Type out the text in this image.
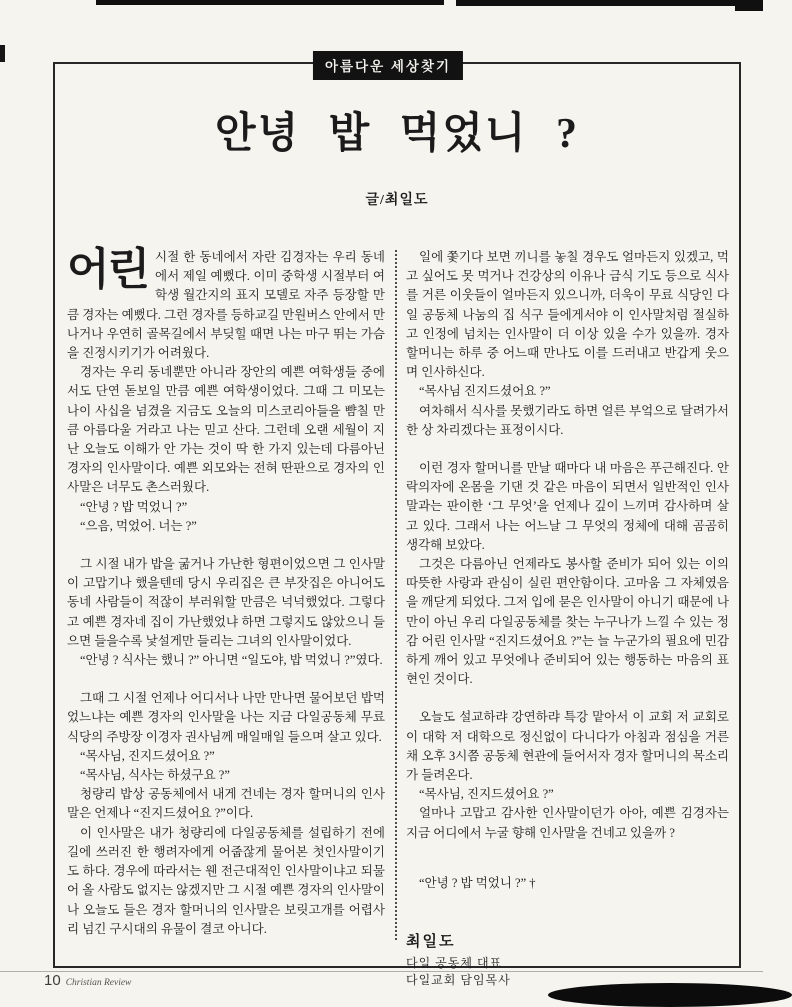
아름다운 세상찾기
안녕 밥 먹었니 ?
글/최일도

어린 시절 한 동네에서 자란 김경자는 우리 동네에서 제일 예뻤다. 이미 중학생 시절부터 여학생 월간지의 표지 모델로 자주 등장할 만큼 경자는 예뻤다. 그런 경자를 등하교길 만원버스 안에서 만나거나 우연히 골목길에서 부딪힐 때면 나는 마구 뛰는 가슴을 진정시키기가 어려웠다.

경자는 우리 동네뿐만 아니라 장안의 예쁜 여학생들 중에서도 단연 돋보일 만큼 예쁜 여학생이었다. 그때 그 미모는 나이 사십을 넘겼을 지금도 오늘의 미스코리아들을 뺨칠 만큼 아름다울 거라고 나는 믿고 산다. 그런데 오랜 세월이 지난 오늘도 이해가 안 가는 것이 딱 한 가지 있는데 다름아닌 경자의 인사말이다. 예쁜 외모와는 전혀 딴판으로 경자의 인사말은 너무도 촌스러웠다.

“안녕 ? 밥 먹었니 ?”

“으음, 먹었어. 너는 ?”

그 시절 내가 밥을 굶거나 가난한 형편이었으면 그 인사말이 고맙기나 했을텐데 당시 우리집은 큰 부잣집은 아니어도 동네 사람들이 적잖이 부러워할 만큼은 넉넉했었다. 그렇다고 예쁜 경자네 집이 가난했었냐 하면 그렇지도 않았으니 들으면 들을수록 낯설게만 들리는 그녀의 인사말이었다.

“안녕 ? 식사는 했니 ?” 아니면 “일도야, 밥 먹었니 ?”였다.

그때 그 시절 언제나 어디서나 나만 만나면 물어보던 밥먹었느냐는 예쁜 경자의 인사말을 나는 지금 다일공동체 무료식당의 주방장 이경자 권사님께 매일매일 들으며 살고 있다.

“목사님, 진지드셨어요 ?”

“목사님, 식사는 하셨구요 ?”

청량리 밥상 공동체에서 내게 건네는 경자 할머니의 인사말은 언제나 “진지드셨어요 ?”이다.

이 인사말은 내가 청량리에 다일공동체를 설립하기 전에 길에 쓰러진 한 행려자에게 어줍잖게 물어본 첫인사말이기도 하다. 경우에 따라서는 웬 전근대적인 인사말이냐고 되물어 올 사람도 없지는 않겠지만 그 시절 예쁜 경자의 인사말이나 오늘도 들은 경자 할머니의 인사말은 보릿고개를 어렵사리 넘긴 구시대의 유물이 결코 아니다.

일에 쫓기다 보면 끼니를 놓칠 경우도 얼마든지 있겠고, 먹고 싶어도 못 먹거나 건강상의 이유나 금식 기도 등으로 식사를 거른 이웃들이 얼마든지 있으니까, 더욱이 무료 식당인 다일 공동체 나눔의 집 식구 들에게서야 이 인사말처럼 절실하고 인정에 넘치는 인사말이 더 이상 있을 수가 있을까. 경자 할머니는 하루 중 어느때 만나도 이를 드러내고 반갑게 웃으며 인사하신다.

“목사님 진지드셨어요 ?”

여차해서 식사를 못했기라도 하면 얼른 부엌으로 달려가서 한 상 차리겠다는 표정이시다.

이런 경자 할머니를 만날 때마다 내 마음은 푸근해진다. 안락의자에 온몸을 기댄 것 같은 마음이 되면서 일반적인 인사말과는 판이한 ‘그 무엇’을 언제나 깊이 느끼며 감사하며 살고 있다. 그래서 나는 어느날 그 무엇의 정체에 대해 곰곰히 생각해 보았다.

그것은 다름아닌 언제라도 봉사할 준비가 되어 있는 이의 따뜻한 사랑과 관심이 실린 편안함이다. 고마움 그 자체였음을 깨닫게 되었다. 그저 입에 묻은 인사말이 아니기 때문에 나만이 아닌 우리 다일공동체를 찾는 누구나가 느낄 수 있는 정감 어린 인사말 “진지드셨어요 ?”는 늘 누군가의 필요에 민감하게 깨어 있고 무엇에나 준비되어 있는 행동하는 마음의 표현인 것이다.

오늘도 설교하랴 강연하랴 특강 맡아서 이 교회 저 교회로 이 대학 저 대학으로 정신없이 다니다가 아침과 점심을 거른 채 오후 3시쯤 공동체 현관에 들어서자 경자 할머니의 목소리가 들려온다.

“목사님, 진지드셨어요 ?”

얼마나 고맙고 감사한 인사말이던가 아아, 예쁜 김경자는 지금 어디에서 누굴 향해 인사말을 건네고 있을까 ?

“안녕 ? 밥 먹었니 ?” †

최일도

다일 공동체 대표

다일교회 담임목사

10 Christian Review
